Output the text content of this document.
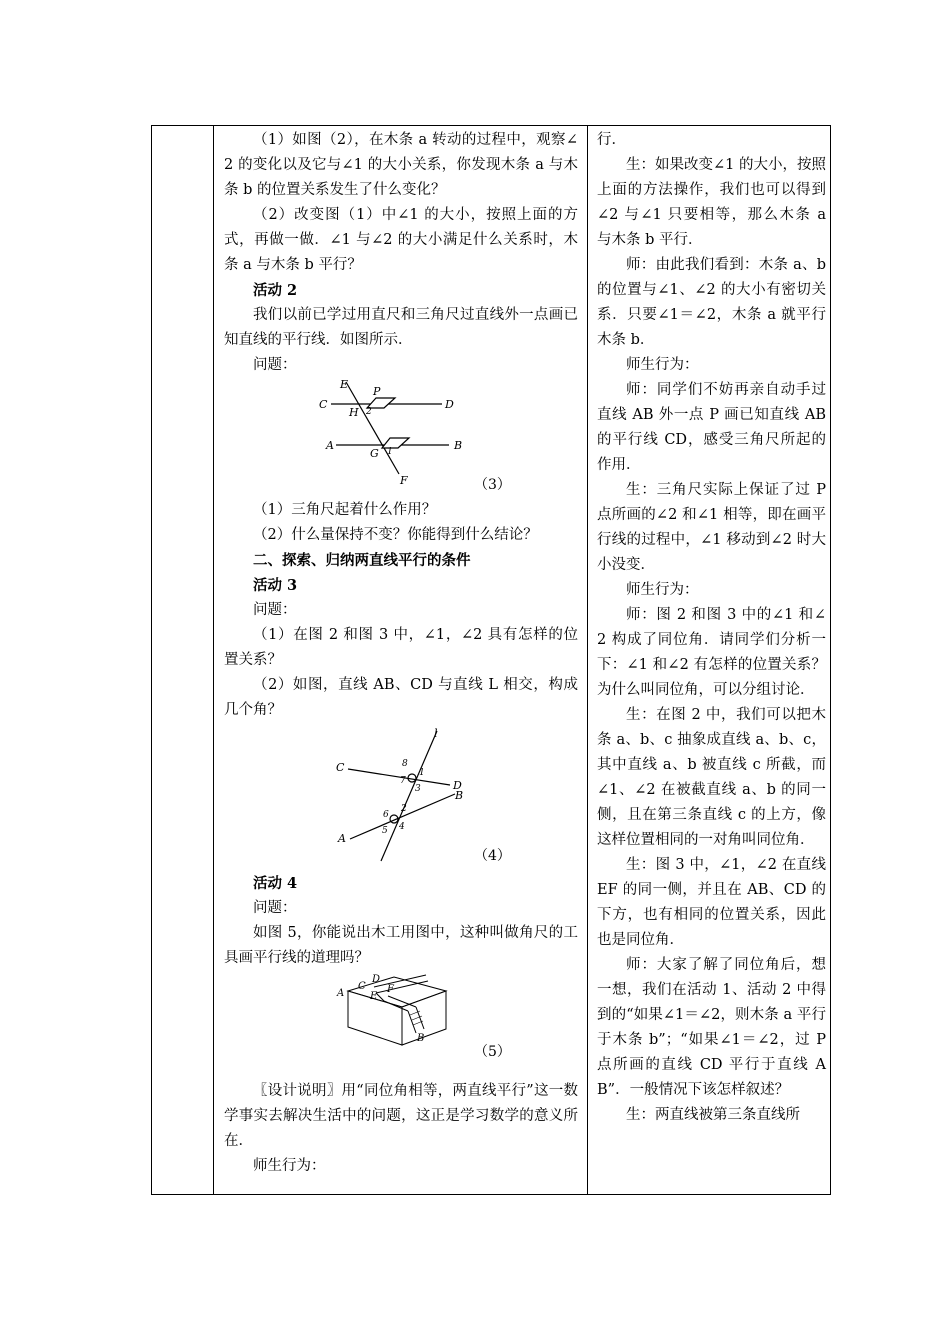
（1）如图（2），在木条 a 转动的过程中，观察∠2 的变化以及它与∠1 的大小关系，你发现木条 a 与木条 b 的位置关系发生了什么变化？

（2）改变图（1）中∠1 的大小，按照上面的方式，再做一做．∠1 与∠2 的大小满足什么关系时，木条 a 与木条 b 平行？

活动 2

我们以前已学过用直尺和三角尺过直线外一点画已知直线的平行线．如图所示．

问题：

E
P
C
H 2
D
A
G 1	B
F	（3）

（1）三角尺起着什么作用？

（2）什么量保持不变？你能得到什么结论？

二、探索、归纳两直线平行的条件

活动 3

问题：

（1）在图 2 和图 3 中，∠1，∠2 具有怎样的位置关系？

（2）如图，直线 AB、CD 与直线 L 相交，构成几个角？

l
C	8
7
1
3	D
B
6
2
5 4
A
（4）

活动 4

问题：

如图 5，你能说出木工用图中，这种叫做角尺的工具画平行线的道理吗？

A
C
D
E
F
B
（5）

〖设计说明〗用“同位角相等，两直线平行”这一数学事实去解决生活中的问题，这正是学习数学的意义所在．

师生行为：

行．

生：如果改变∠1 的大小，按照上面的方法操作，我们也可以得到∠2 与∠1 只要相等，那么木条 a 与木条 b 平行．

师：由此我们看到：木条 a、b 的位置与∠1、∠2 的大小有密切关系．只要∠1＝∠2，木条 a 就平行木条 b．

师生行为：

师：同学们不妨再亲自动手过直线 AB 外一点 P 画已知直线 AB 的平行线 CD，感受三角尺所起的作用．

生：三角尺实际上保证了过 P 点所画的∠2 和∠1 相等，即在画平行线的过程中，∠1 移动到∠2 时大小没变．

师生行为：

师：图 2 和图 3 中的∠1 和∠2 构成了同位角．请同学们分析一下：∠1 和∠2 有怎样的位置关系？为什么叫同位角，可以分组讨论．

生：在图 2 中，我们可以把木条 a、b、c 抽象成直线 a、b、c，其中直线 a、b 被直线 c 所截，而∠1、∠2 在被截直线 a、b 的同一侧，且在第三条直线 c 的上方，像这样位置相同的一对角叫同位角．

生：图 3 中，∠1，∠2 在直线 EF 的同一侧，并且在 AB、CD 的下方，也有相同的位置关系，因此也是同位角．

师：大家了解了同位角后，想一想，我们在活动 1、活动 2 中得到的“如果∠1＝∠2，则木条 a 平行于木条 b”；“如果∠1＝∠2，过 P 点所画的直线 CD 平行于直线 AB”．一般情况下该怎样叙述？

生：两直线被第三条直线所
